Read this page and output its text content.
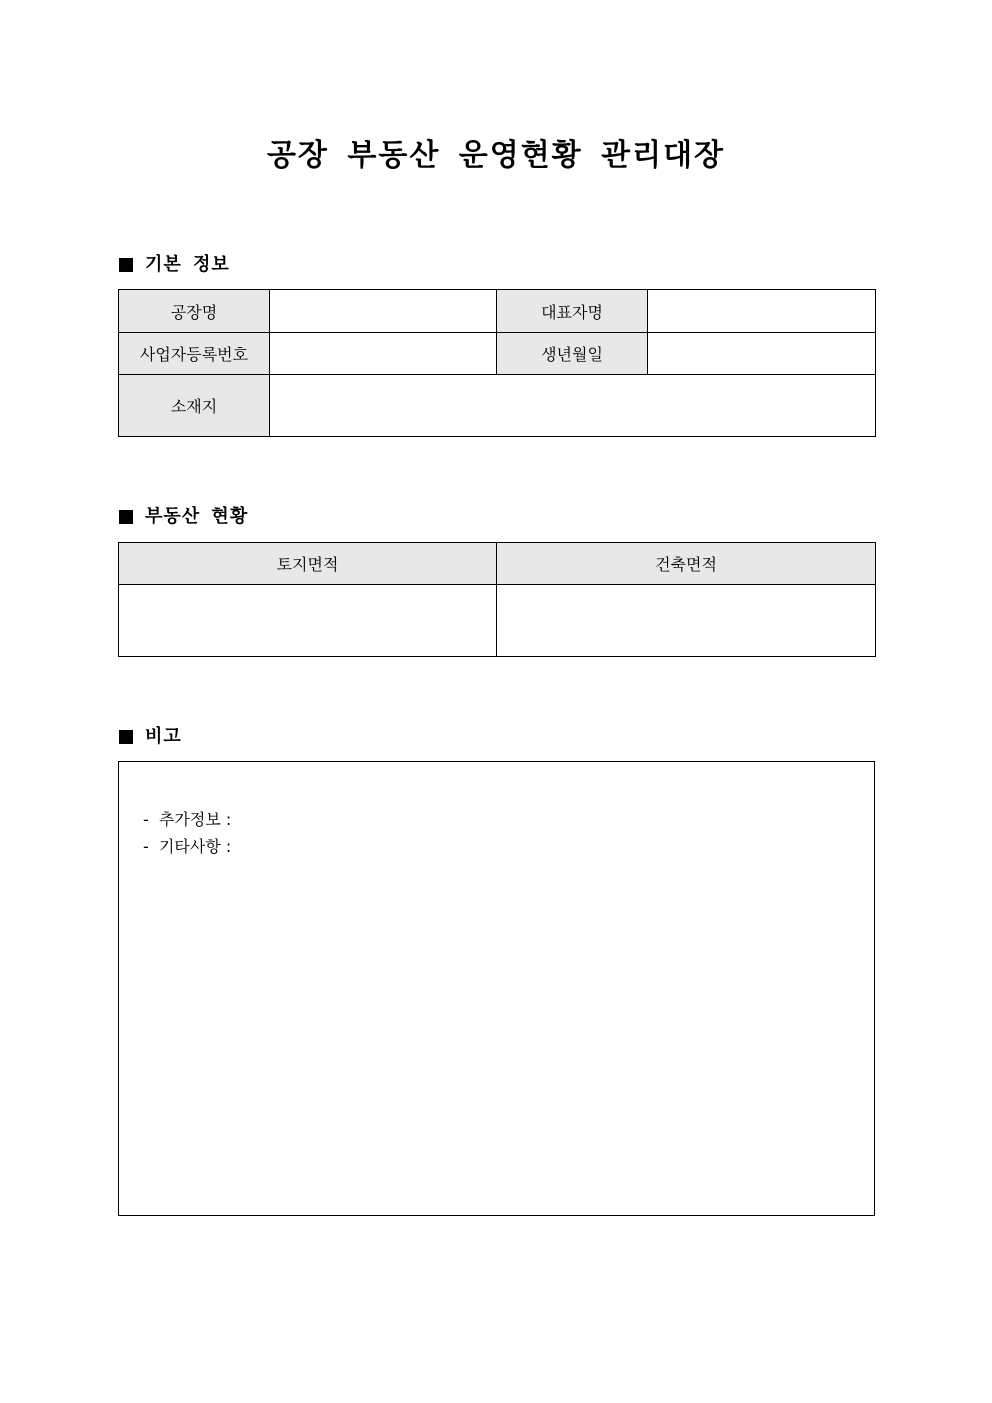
공장 부동산 운영현황 관리대장
기본 정보
공장명		대표자명	
사업자등록번호		생년월일	
소재지			
부동산 현황
토지면적	건축면적

비고
-  추가정보 :
-  기타사항 :
